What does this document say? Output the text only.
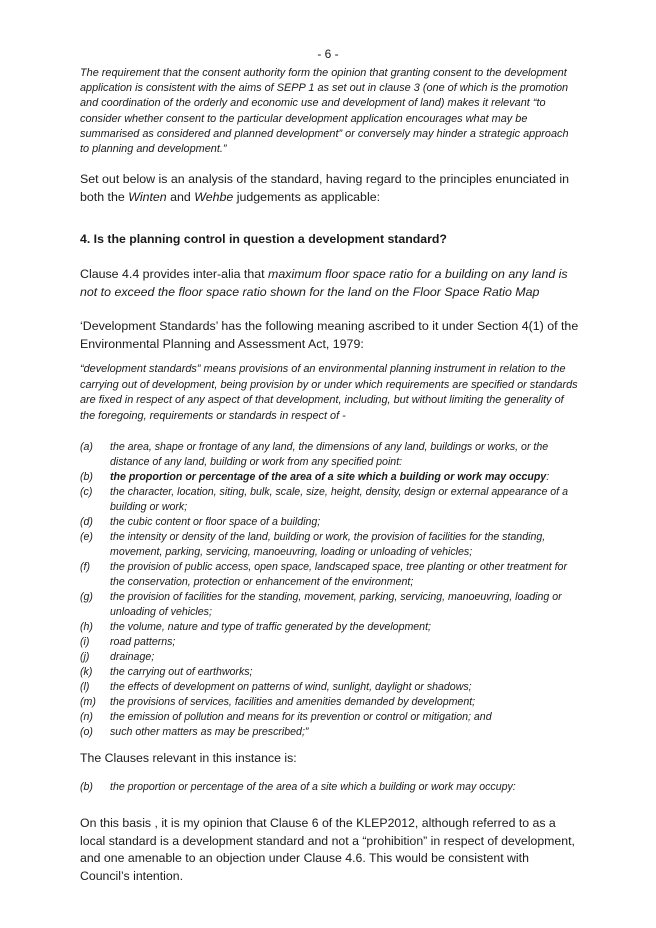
- 6 -

The requirement that the consent authority form the opinion that granting consent to the development application is consistent with the aims of SEPP 1 as set out in clause 3 (one of which is the promotion and coordination of the orderly and economic use and development of land) makes it relevant “to consider whether consent to the particular development application encourages what may be summarised as considered and planned development” or conversely may hinder a strategic approach to planning and development.”

Set out below is an analysis of the standard, having regard to the principles enunciated in both the Winten and Wehbe judgements as applicable:

4. Is the planning control in question a development standard?

Clause 4.4 provides inter-alia that maximum floor space ratio for a building on any land is not to exceed the floor space ratio shown for the land on the Floor Space Ratio Map

‘Development Standards’ has the following meaning ascribed to it under Section 4(1) of the Environmental Planning and Assessment Act, 1979:

“development standards” means provisions of an environmental planning instrument in relation to the carrying out of development, being provision by or under which requirements are specified or standards are fixed in respect of any aspect of that development, including, but without limiting the generality of the foregoing, requirements or standards in respect of -

(a) the area, shape or frontage of any land, the dimensions of any land, buildings or works, or the distance of any land, building or work from any specified point:
(b) the proportion or percentage of the area of a site which a building or work may occupy:
(c) the character, location, siting, bulk, scale, size, height, density, design or external appearance of a building or work;
(d) the cubic content or floor space of a building;
(e) the intensity or density of the land, building or work, the provision of facilities for the standing, movement, parking, servicing, manoeuvring, loading or unloading of vehicles;
(f) the provision of public access, open space, landscaped space, tree planting or other treatment for the conservation, protection or enhancement of the environment;
(g) the provision of facilities for the standing, movement, parking, servicing, manoeuvring, loading or unloading of vehicles;
(h) the volume, nature and type of traffic generated by the development;
(i) road patterns;
(j) drainage;
(k) the carrying out of earthworks;
(l) the effects of development on patterns of wind, sunlight, daylight or shadows;
(m) the provisions of services, facilities and amenities demanded by development;
(n) the emission of pollution and means for its prevention or control or mitigation; and
(o) such other matters as may be prescribed;”

The Clauses relevant in this instance is:

(b) the proportion or percentage of the area of a site which a building or work may occupy:

On this basis , it is my opinion that Clause 6 of the KLEP2012, although referred to as a local standard is a development standard and not a “prohibition” in respect of development, and one amenable to an objection under Clause 4.6. This would be consistent with Council’s intention.
